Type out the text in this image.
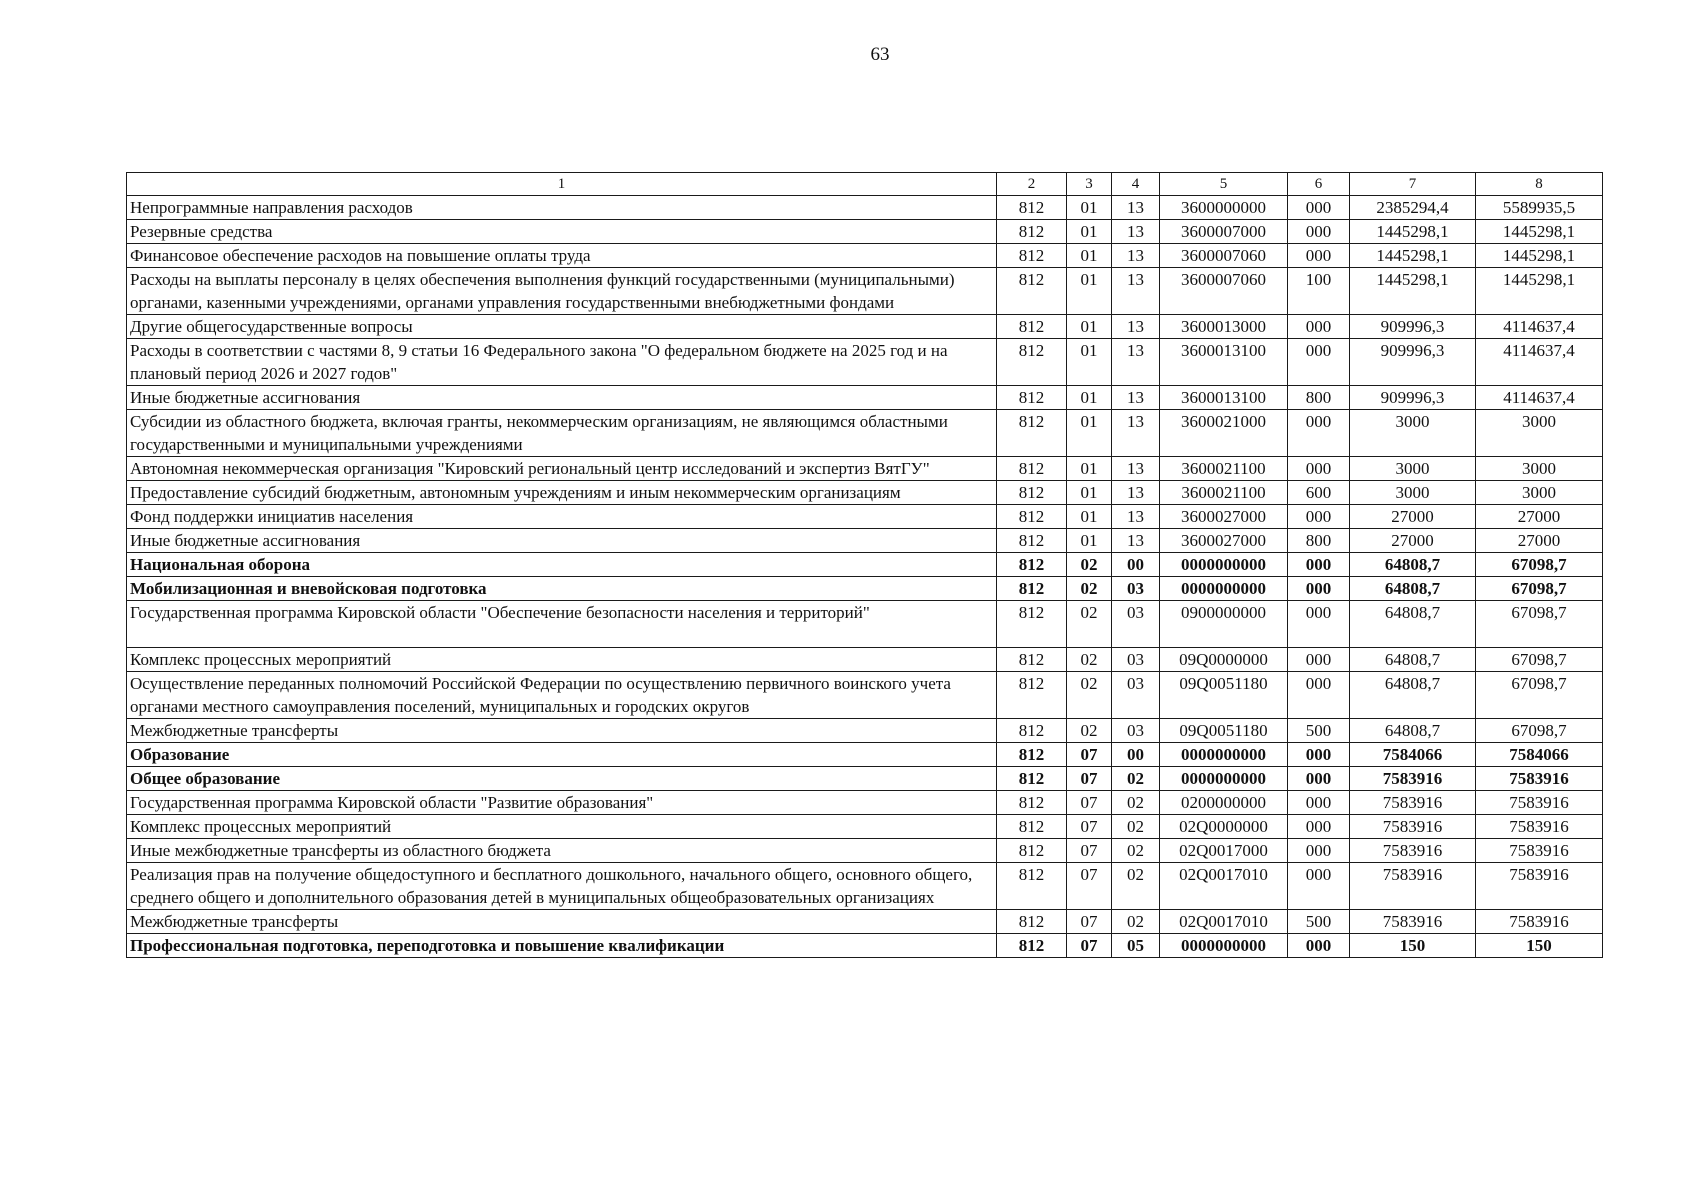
63
1	2	3	4	5	6	7	8
Непрограммные направления расходов	812	01	13	3600000000	000	2385294,4	5589935,5
Резервные средства	812	01	13	3600007000	000	1445298,1	1445298,1
Финансовое обеспечение расходов на повышение оплаты труда	812	01	13	3600007060	000	1445298,1	1445298,1
Расходы на выплаты персоналу в целях обеспечения выполнения функций государственными (муниципальными) органами, казенными учреждениями, органами управления государственными внебюджетными фондами	812	01	13	3600007060	100	1445298,1	1445298,1
Другие общегосударственные вопросы	812	01	13	3600013000	000	909996,3	4114637,4
Расходы в соответствии с частями 8, 9 статьи 16 Федерального закона "О федеральном бюджете на 2025 год и на плановый период 2026 и 2027 годов"	812	01	13	3600013100	000	909996,3	4114637,4
Иные бюджетные ассигнования	812	01	13	3600013100	800	909996,3	4114637,4
Субсидии из областного бюджета, включая гранты, некоммерческим организациям, не являющимся областными государственными и муниципальными учреждениями	812	01	13	3600021000	000	3000	3000
Автономная некоммерческая организация "Кировский региональный центр исследований и экспертиз ВятГУ"	812	01	13	3600021100	000	3000	3000
Предоставление субсидий бюджетным, автономным учреждениям и иным некоммерческим организациям	812	01	13	3600021100	600	3000	3000
Фонд поддержки инициатив населения	812	01	13	3600027000	000	27000	27000
Иные бюджетные ассигнования	812	01	13	3600027000	800	27000	27000
Национальная оборона	812	02	00	0000000000	000	64808,7	67098,7
Мобилизационная и вневойсковая подготовка	812	02	03	0000000000	000	64808,7	67098,7
Государственная программа Кировской области "Обеспечение безопасности населения и территорий"	812	02	03	0900000000	000	64808,7	67098,7
Комплекс процессных мероприятий	812	02	03	09Q0000000	000	64808,7	67098,7
Осуществление переданных полномочий Российской Федерации по осуществлению первичного воинского учета органами местного самоуправления поселений, муниципальных и городских округов	812	02	03	09Q0051180	000	64808,7	67098,7
Межбюджетные трансферты	812	02	03	09Q0051180	500	64808,7	67098,7
Образование	812	07	00	0000000000	000	7584066	7584066
Общее образование	812	07	02	0000000000	000	7583916	7583916
Государственная программа Кировской области "Развитие образования"	812	07	02	0200000000	000	7583916	7583916
Комплекс процессных мероприятий	812	07	02	02Q0000000	000	7583916	7583916
Иные межбюджетные трансферты из областного бюджета	812	07	02	02Q0017000	000	7583916	7583916
Реализация прав на получение общедоступного и бесплатного дошкольного, начального общего, основного общего, среднего общего и дополнительного образования детей в муниципальных общеобразовательных организациях	812	07	02	02Q0017010	000	7583916	7583916
Межбюджетные трансферты	812	07	02	02Q0017010	500	7583916	7583916
Профессиональная подготовка, переподготовка и повышение квалификации	812	07	05	0000000000	000	150	150
